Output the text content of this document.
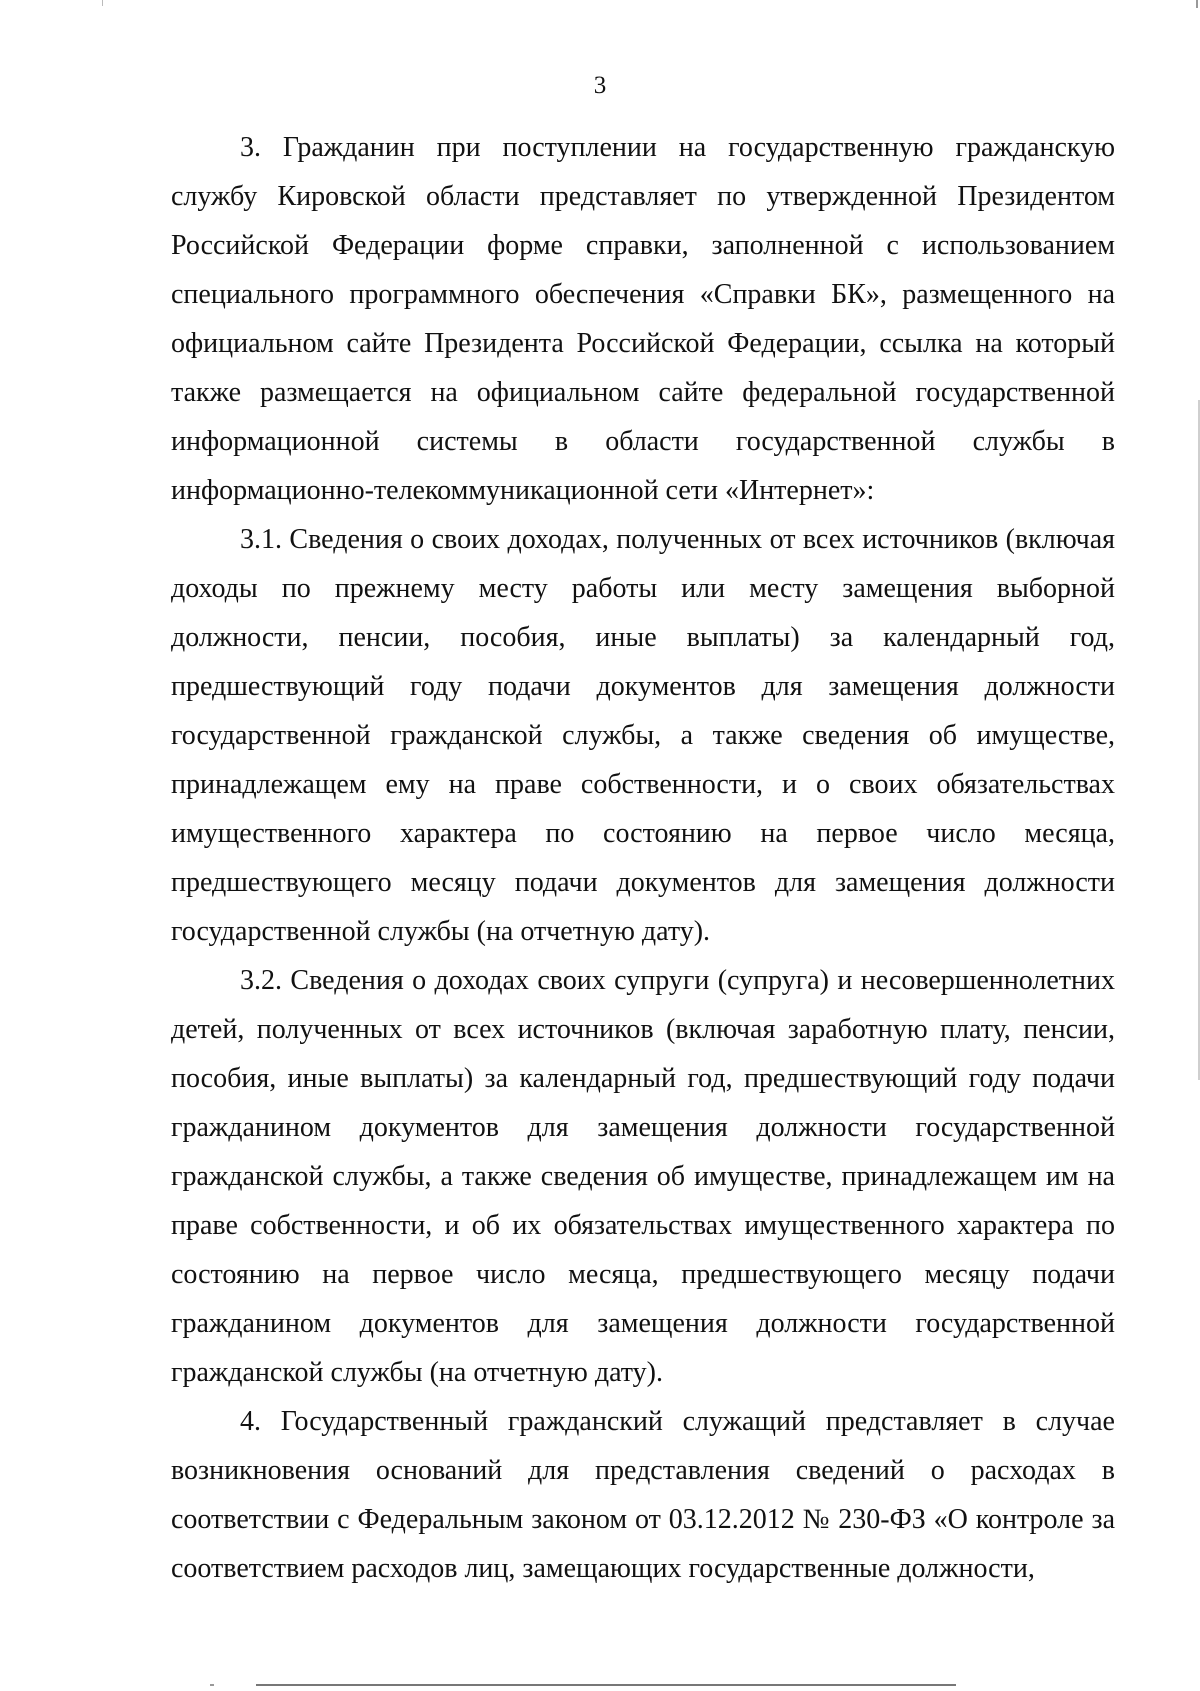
3

3. Гражданин при поступлении на государственную гражданскую службу Кировской области представляет по утвержденной Президентом Российской Федерации форме справки, заполненной с использованием специального программного обеспечения «Справки БК», размещенного на официальном сайте Президента Российской Федерации, ссылка на который также размещается на официальном сайте федеральной государственной информационной системы в области государственной службы в информационно-телекоммуникационной сети «Интернет»:

3.1. Сведения о своих доходах, полученных от всех источников (включая доходы по прежнему месту работы или месту замещения выборной должности, пенсии, пособия, иные выплаты) за календарный год, предшествующий году подачи документов для замещения должности государственной гражданской службы, а также сведения об имуществе, принадлежащем ему на праве собственности, и о своих обязательствах имущественного характера по состоянию на первое число месяца, предшествующего месяцу подачи документов для замещения должности государственной службы (на отчетную дату).

3.2. Сведения о доходах своих супруги (супруга) и несовершеннолетних детей, полученных от всех источников (включая заработную плату, пенсии, пособия, иные выплаты) за календарный год, предшествующий году подачи гражданином документов для замещения должности государственной гражданской службы, а также сведения об имуществе, принадлежащем им на праве собственности, и об их обязательствах имущественного характера по состоянию на первое число месяца, предшествующего месяцу подачи гражданином документов для замещения должности государственной гражданской службы (на отчетную дату).

4. Государственный гражданский служащий представляет в случае возникновения оснований для представления сведений о расходах в соответствии с Федеральным законом от 03.12.2012 № 230-ФЗ «О контроле за соответствием расходов лиц, замещающих государственные должности,
